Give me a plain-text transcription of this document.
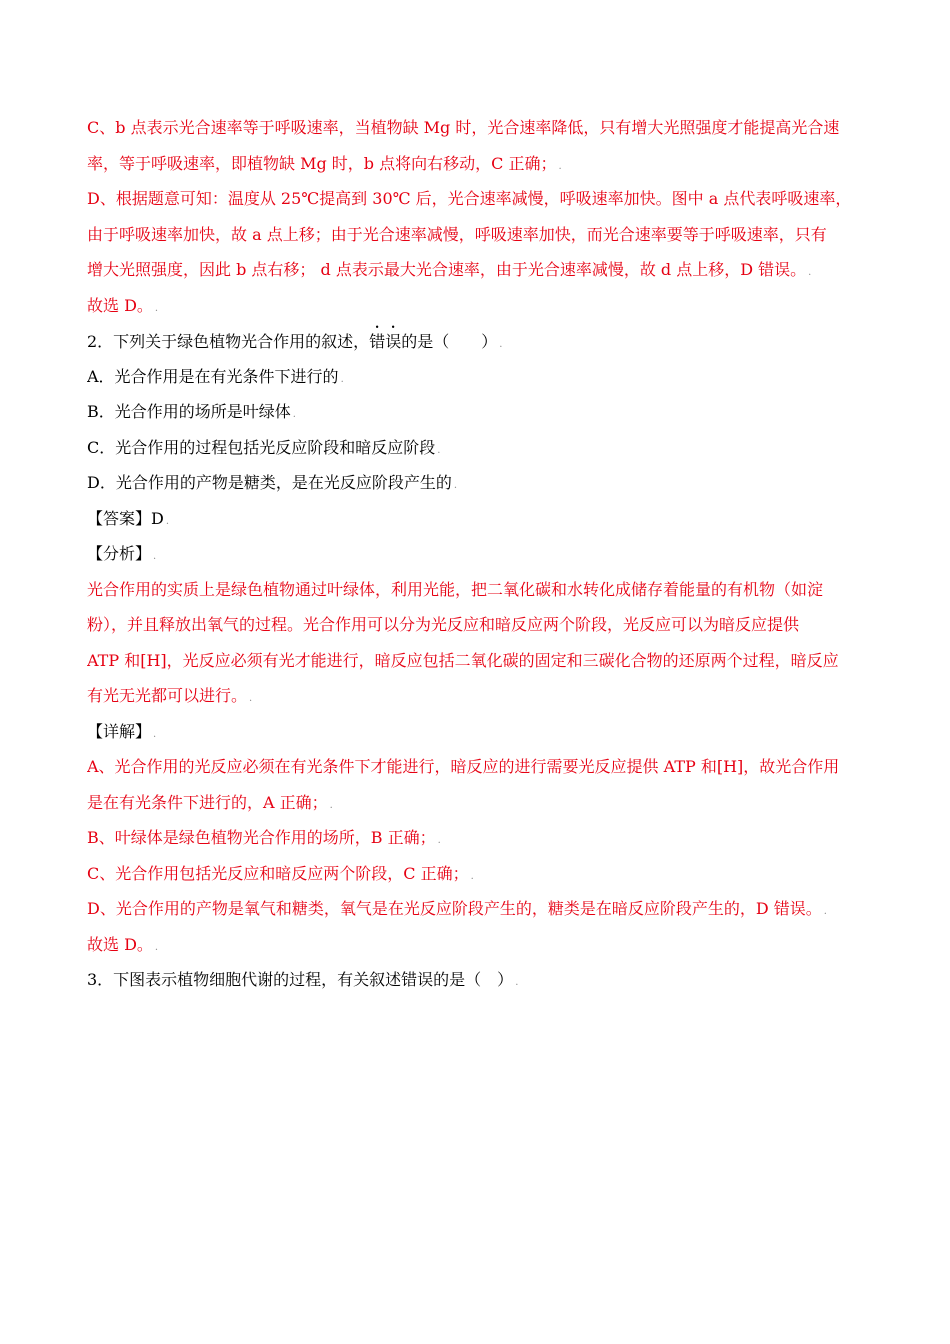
C、b 点表示光合速率等于呼吸速率，当植物缺 Mg 时，光合速率降低，只有增大光照强度才能提高光合速
率，等于呼吸速率，即植物缺 Mg 时，b 点将向右移动，C 正确； .
D、根据题意可知：温度从 25℃提高到 30℃ 后，光合速率减慢，呼吸速率加快。图中 a 点代表呼吸速率，
由于呼吸速率加快，故 a 点上移；由于光合速率减慢，呼吸速率加快，而光合速率要等于呼吸速率，只有
增大光照强度，因此 b 点右移； d 点表示最大光合速率，由于光合速率减慢，故 d 点上移，D 错误。 .
故选 D。 .
2．下列关于绿色植物光合作用的叙述，错误的是（　　） .
A．光合作用是在有光条件下进行的 .
B．光合作用的场所是叶绿体 .
C．光合作用的过程包括光反应阶段和暗反应阶段 .
D．光合作用的产物是糖类，是在光反应阶段产生的 .
【答案】D .
【分析】 .
光合作用的实质上是绿色植物通过叶绿体，利用光能，把二氧化碳和水转化成储存着能量的有机物（如淀
粉），并且释放出氧气的过程。光合作用可以分为光反应和暗反应两个阶段，光反应可以为暗反应提供
ATP 和[H]，光反应必须有光才能进行，暗反应包括二氧化碳的固定和三碳化合物的还原两个过程，暗反应
有光无光都可以进行。 .
【详解】 .
A、光合作用的光反应必须在有光条件下才能进行，暗反应的进行需要光反应提供 ATP 和[H]，故光合作用
是在有光条件下进行的，A 正确； .
B、叶绿体是绿色植物光合作用的场所，B 正确； .
C、光合作用包括光反应和暗反应两个阶段，C 正确； .
D、光合作用的产物是氧气和糖类，氧气是在光反应阶段产生的，糖类是在暗反应阶段产生的，D 错误。 .
故选 D。 .
3．下图表示植物细胞代谢的过程，有关叙述错误的是（　） .
